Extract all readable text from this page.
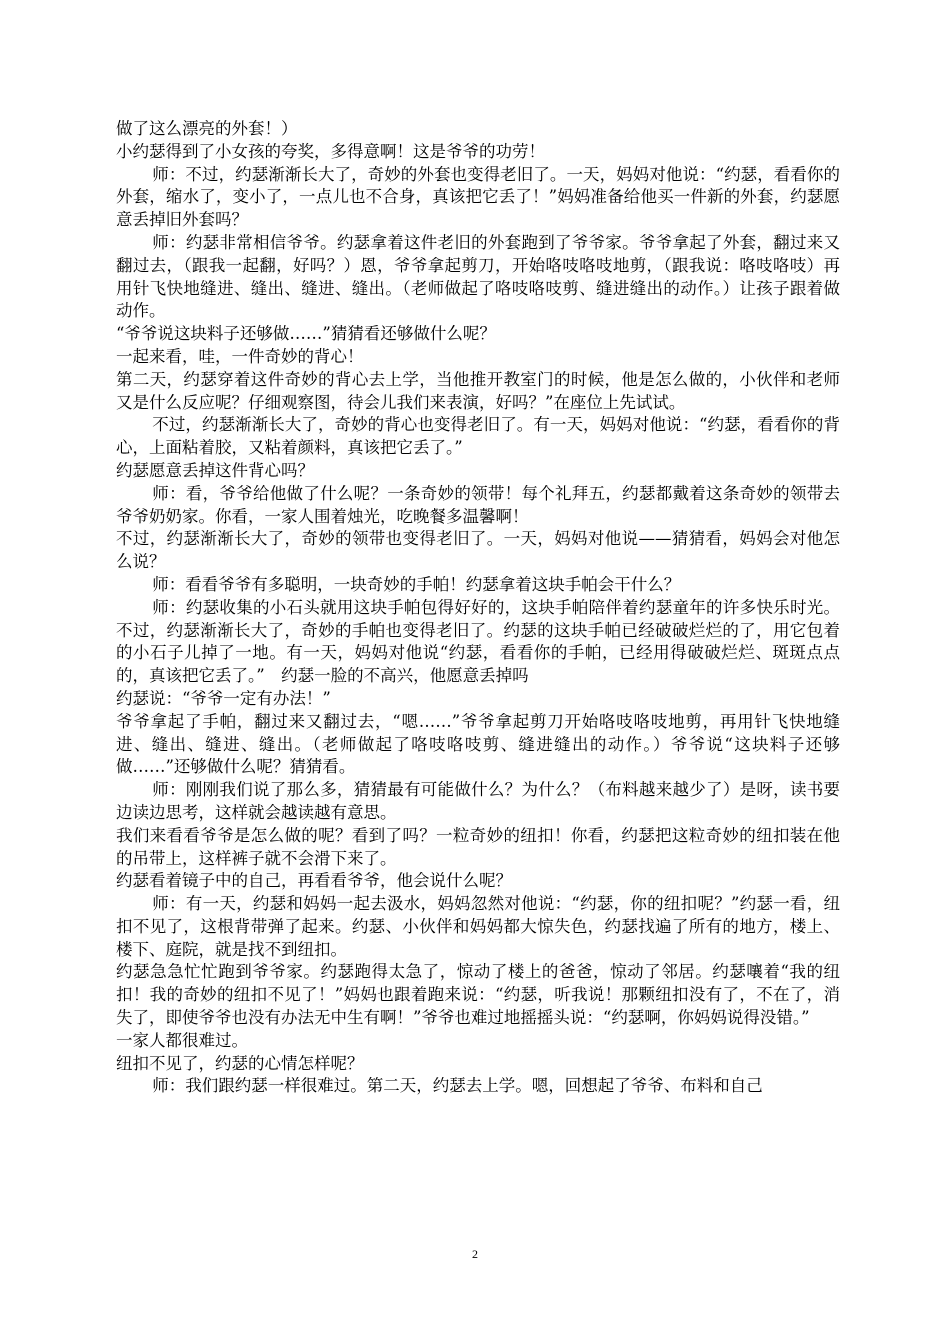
做了这么漂亮的外套！）

小约瑟得到了小女孩的夸奖，多得意啊！这是爷爷的功劳！

师：不过，约瑟渐渐长大了，奇妙的外套也变得老旧了。一天，妈妈对他说：“约瑟，看看你的外套，缩水了，变小了，一点儿也不合身，真该把它丢了！”妈妈准备给他买一件新的外套，约瑟愿意丢掉旧外套吗？

师：约瑟非常相信爷爷。约瑟拿着这件老旧的外套跑到了爷爷家。爷爷拿起了外套，翻过来又翻过去，（跟我一起翻，好吗？）恩，爷爷拿起剪刀，开始咯吱咯吱地剪，（跟我说：咯吱咯吱）再用针飞快地缝进、缝出、缝进、缝出。（老师做起了咯吱咯吱剪、缝进缝出的动作。）让孩子跟着做动作。

“爷爷说这块料子还够做……”猜猜看还够做什么呢？

一起来看，哇，一件奇妙的背心！

第二天，约瑟穿着这件奇妙的背心去上学，当他推开教室门的时候，他是怎么做的，小伙伴和老师又是什么反应呢？仔细观察图，待会儿我们来表演，好吗？”在座位上先试试。

不过，约瑟渐渐长大了，奇妙的背心也变得老旧了。有一天，妈妈对他说：“约瑟，看看你的背心，上面粘着胶，又粘着颜料，真该把它丢了。”

约瑟愿意丢掉这件背心吗？

师：看，爷爷给他做了什么呢？一条奇妙的领带！每个礼拜五，约瑟都戴着这条奇妙的领带去爷爷奶奶家。你看，一家人围着烛光，吃晚餐多温馨啊！

不过，约瑟渐渐长大了，奇妙的领带也变得老旧了。一天，妈妈对他说——猜猜看，妈妈会对他怎么说？

师：看看爷爷有多聪明，一块奇妙的手帕！约瑟拿着这块手帕会干什么？

师：约瑟收集的小石头就用这块手帕包得好好的，这块手帕陪伴着约瑟童年的许多快乐时光。不过，约瑟渐渐长大了，奇妙的手帕也变得老旧了。约瑟的这块手帕已经破破烂烂的了，用它包着的小石子儿掉了一地。有一天，妈妈对他说“约瑟，看看你的手帕，已经用得破破烂烂、斑斑点点的，真该把它丢了。”　约瑟一脸的不高兴，他愿意丢掉吗

约瑟说：“爷爷一定有办法！”

爷爷拿起了手帕，翻过来又翻过去，“嗯……”爷爷拿起剪刀开始咯吱咯吱地剪，再用针飞快地缝进、缝出、缝进、缝出。（老师做起了咯吱咯吱剪、缝进缝出的动作。）爷爷说“这块料子还够做……”还够做什么呢？猜猜看。

师：刚刚我们说了那么多，猜猜最有可能做什么？为什么？（布料越来越少了）是呀，读书要边读边思考，这样就会越读越有意思。

我们来看看爷爷是怎么做的呢？看到了吗？一粒奇妙的纽扣！你看，约瑟把这粒奇妙的纽扣装在他的吊带上，这样裤子就不会滑下来了。

约瑟看着镜子中的自己，再看看爷爷，他会说什么呢？

师：有一天，约瑟和妈妈一起去汲水，妈妈忽然对他说：“约瑟，你的纽扣呢？”约瑟一看，纽扣不见了，这根背带弹了起来。约瑟、小伙伴和妈妈都大惊失色，约瑟找遍了所有的地方，楼上、楼下、庭院，就是找不到纽扣。

约瑟急急忙忙跑到爷爷家。约瑟跑得太急了，惊动了楼上的爸爸，惊动了邻居。约瑟嚷着“我的纽扣！我的奇妙的纽扣不见了！”妈妈也跟着跑来说：“约瑟，听我说！那颗纽扣没有了，不在了，消失了，即使爷爷也没有办法无中生有啊！”爷爷也难过地摇摇头说：“约瑟啊，你妈妈说得没错。”

一家人都很难过。

纽扣不见了，约瑟的心情怎样呢？

师：我们跟约瑟一样很难过。第二天，约瑟去上学。嗯，回想起了爷爷、布料和自己

2
